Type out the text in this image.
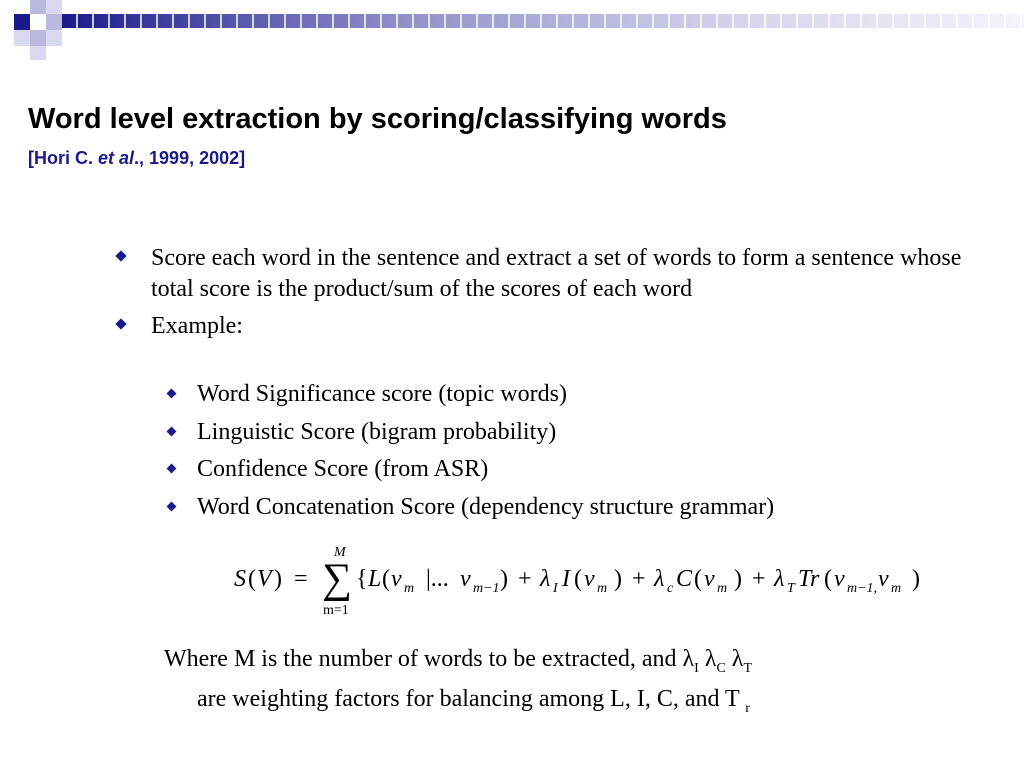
Word level extraction by scoring/classifying words
[Hori C. et al., 1999, 2002]
Score each word in the sentence and extract a set of words to form a sentence whose total score is the product/sum of the scores of each word
Example:
Word Significance score (topic words)
Linguistic Score (bigram probability)
Confidence Score (from ASR)
Word Concatenation Score (dependency structure grammar)
S ( V ) =
M
∑
m=1
{ L ( v m |... v m−1 ) + λ I I ( v m ) + λ c C ( v m ) + λ T Tr ( v m−1, v m )
Where M is the number of words to be extracted, and $\lambda_I$ $\lambda_C$ $\lambda_T$
are weighting factors for balancing among L, I, C, and T $_r$
